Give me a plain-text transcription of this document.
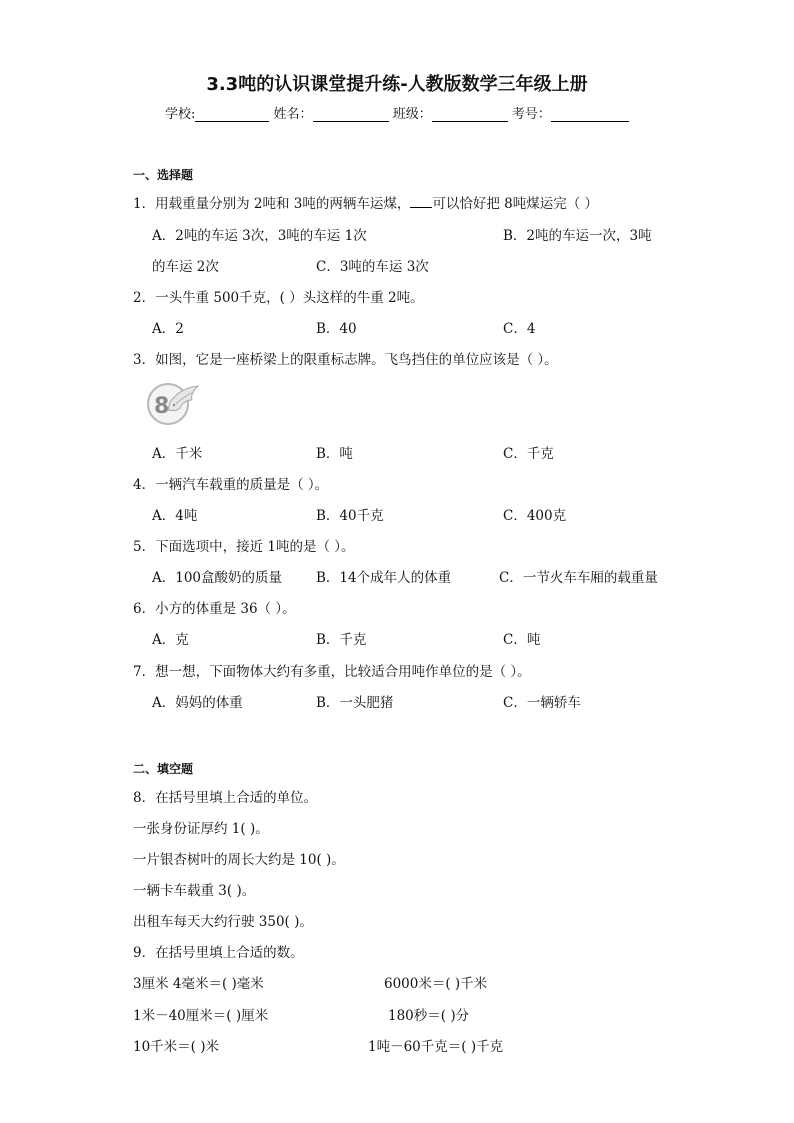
3.3吨的认识课堂提升练-人教版数学三年级上册
学校:	姓名：	班级：	考号：
一、选择题
1．用载重量分别为 2吨和 3吨的两辆车运煤， 可以恰好把 8吨煤运完（ ）
A．2吨的车运 3次，3吨的车运 1次	B．2吨的车运一次，3吨
的车运 2次	C．3吨的车运 3次
2．一头牛重 500千克，( ）头这样的牛重 2吨。
A．2	B．40	C．4
3．如图，它是一座桥梁上的限重标志牌。飞鸟挡住的单位应该是（ ）。
8
A．千米	B．吨	C．千克
4．一辆汽车载重的质量是（ ）。
A．4吨	B．40千克	C．400克
5．下面选项中，接近 1吨的是（ ）。
A．100盒酸奶的质量	B．14个成年人的体重	C．一节火车车厢的载重量
6．小方的体重是 36（ ）。
A．克	B．千克	C．吨
7．想一想，下面物体大约有多重，比较适合用吨作单位的是（ ）。
A．妈妈的体重	B．一头肥猪	C．一辆轿车
二、填空题
8．在括号里填上合适的单位。
一张身份证厚约 1( )。
一片银杏树叶的周长大约是 10( )。
一辆卡车载重 3( )。
出租车每天大约行驶 350( )。
9．在括号里填上合适的数。
3厘米 4毫米＝( )毫米	6000米＝( )千米
1米－40厘米＝( )厘米	180秒＝( )分
10千米＝( )米	1吨－60千克＝( )千克
